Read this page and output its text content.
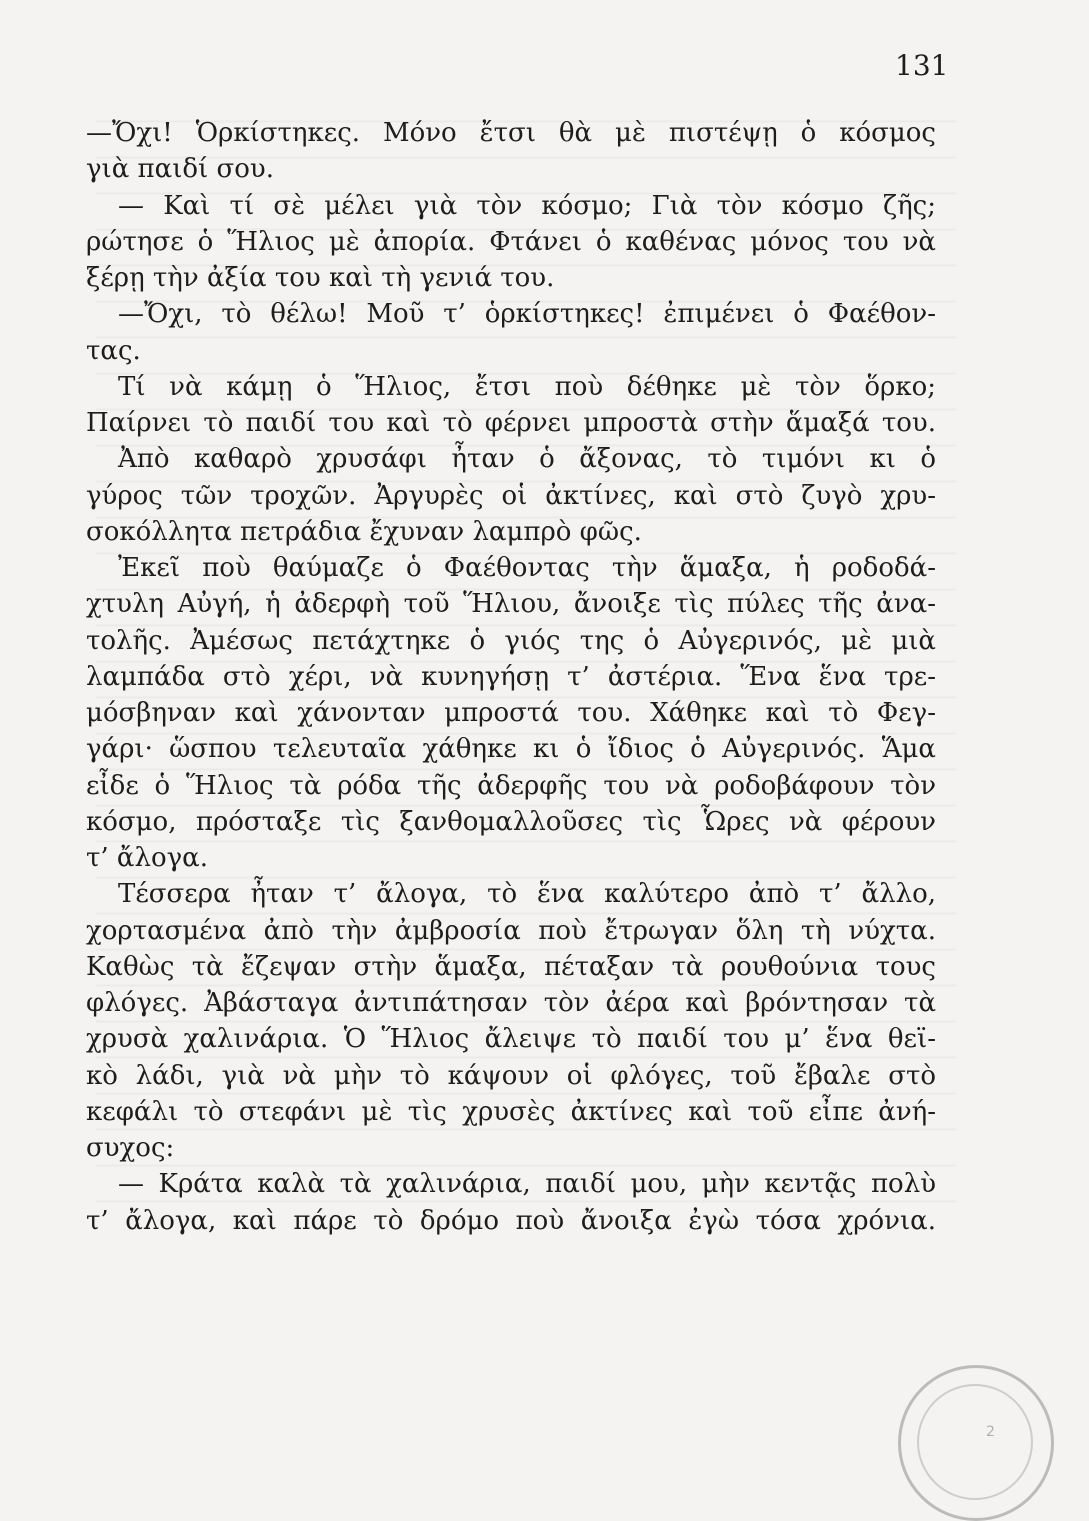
131
—Ὄχι! Ὁρκίστηκες. Μόνο ἔτσι θὰ μὲ πιστέψῃ ὁ κόσμος
γιὰ παιδί σου.
— Καὶ τί σὲ μέλει γιὰ τὸν κόσμο; Γιὰ τὸν κόσμο ζῆς;
ρώτησε ὁ Ἥλιος μὲ ἀπορία. Φτάνει ὁ καθένας μόνος του νὰ
ξέρῃ τὴν ἀξία του καὶ τὴ γενιά του.
—Ὄχι, τὸ θέλω! Μοῦ τ’ ὁρκίστηκες! ἐπιμένει ὁ Φαέθον-
τας.
Τί νὰ κάμῃ ὁ Ἥλιος, ἔτσι ποὺ δέθηκε μὲ τὸν ὅρκο;
Παίρνει τὸ παιδί του καὶ τὸ φέρνει μπροστὰ στὴν ἅμαξά του.
Ἀπὸ καθαρὸ χρυσάφι ἦταν ὁ ἄξονας, τὸ τιμόνι κι ὁ
γύρος τῶν τροχῶν. Ἀργυρὲς οἱ ἀκτίνες, καὶ στὸ ζυγὸ χρυ-
σοκόλλητα πετράδια ἔχυναν λαμπρὸ φῶς.
Ἐκεῖ ποὺ θαύμαζε ὁ Φαέθοντας τὴν ἅμαξα, ἡ ροδοδά-
χτυλη Αὐγή, ἡ ἀδερφὴ τοῦ Ἥλιου, ἄνοιξε τὶς πύλες τῆς ἀνα-
τολῆς. Ἀμέσως πετάχτηκε ὁ γιός της ὁ Αὐγερινός, μὲ μιὰ
λαμπάδα στὸ χέρι, νὰ κυνηγήσῃ τ’ ἀστέρια. Ἕνα ἕνα τρε-
μόσβηναν καὶ χάνονταν μπροστά του. Χάθηκε καὶ τὸ Φεγ-
γάρι· ὥσπου τελευταῖα χάθηκε κι ὁ ἴδιος ὁ Αὐγερινός. Ἅμα
εἶδε ὁ Ἥλιος τὰ ρόδα τῆς ἀδερφῆς του νὰ ροδοβάφουν τὸν
κόσμο, πρόσταξε τὶς ξανθομαλλοῦσες τὶς Ὧρες νὰ φέρουν
τ’ ἄλογα.
Τέσσερα ἦταν τ’ ἄλογα, τὸ ἕνα καλύτερο ἀπὸ τ’ ἄλλο,
χορτασμένα ἀπὸ τὴν ἀμβροσία ποὺ ἔτρωγαν ὅλη τὴ νύχτα.
Καθὼς τὰ ἔζεψαν στὴν ἅμαξα, πέταξαν τὰ ρουθούνια τους
φλόγες. Ἀβάσταγα ἀντιπάτησαν τὸν ἀέρα καὶ βρόντησαν τὰ
χρυσὰ χαλινάρια. Ὁ Ἥλιος ἄλειψε τὸ παιδί του μ’ ἕνα θεϊ-
κὸ λάδι, γιὰ νὰ μὴν τὸ κάψουν οἱ φλόγες, τοῦ ἔβαλε στὸ
κεφάλι τὸ στεφάνι μὲ τὶς χρυσὲς ἀκτίνες καὶ τοῦ εἶπε ἀνή-
συχος:
— Κράτα καλὰ τὰ χαλινάρια, παιδί μου, μὴν κεντᾷς πολὺ
τ’ ἄλογα, καὶ πάρε τὸ δρόμο ποὺ ἄνοιξα ἐγὼ τόσα χρόνια.
2
